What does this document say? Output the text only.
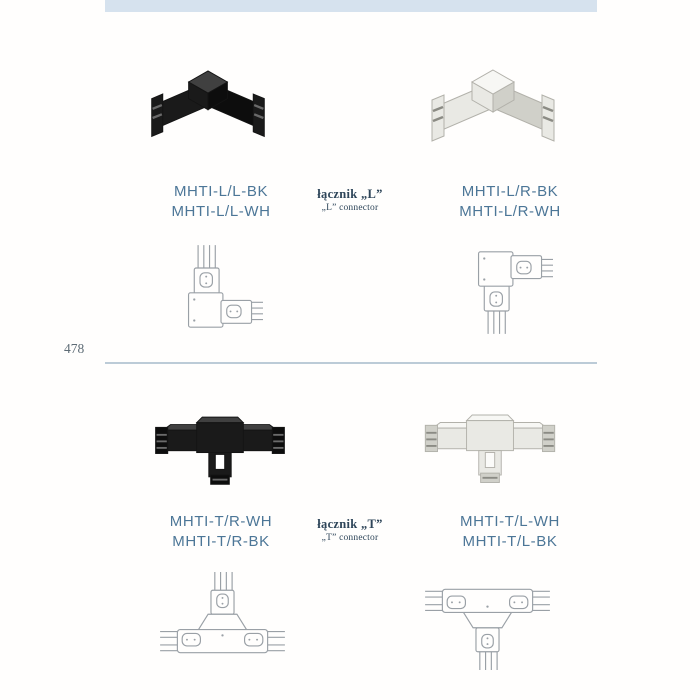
MHTI-L/L-BK
MHTI-L/L-WH
łącznik „L”
„L” connector
MHTI-L/R-BK
MHTI-L/R-WH
478
MHTI-T/R-WH
MHTI-T/R-BK
łącznik „T”
„T” connector
MHTI-T/L-WH
MHTI-T/L-BK
